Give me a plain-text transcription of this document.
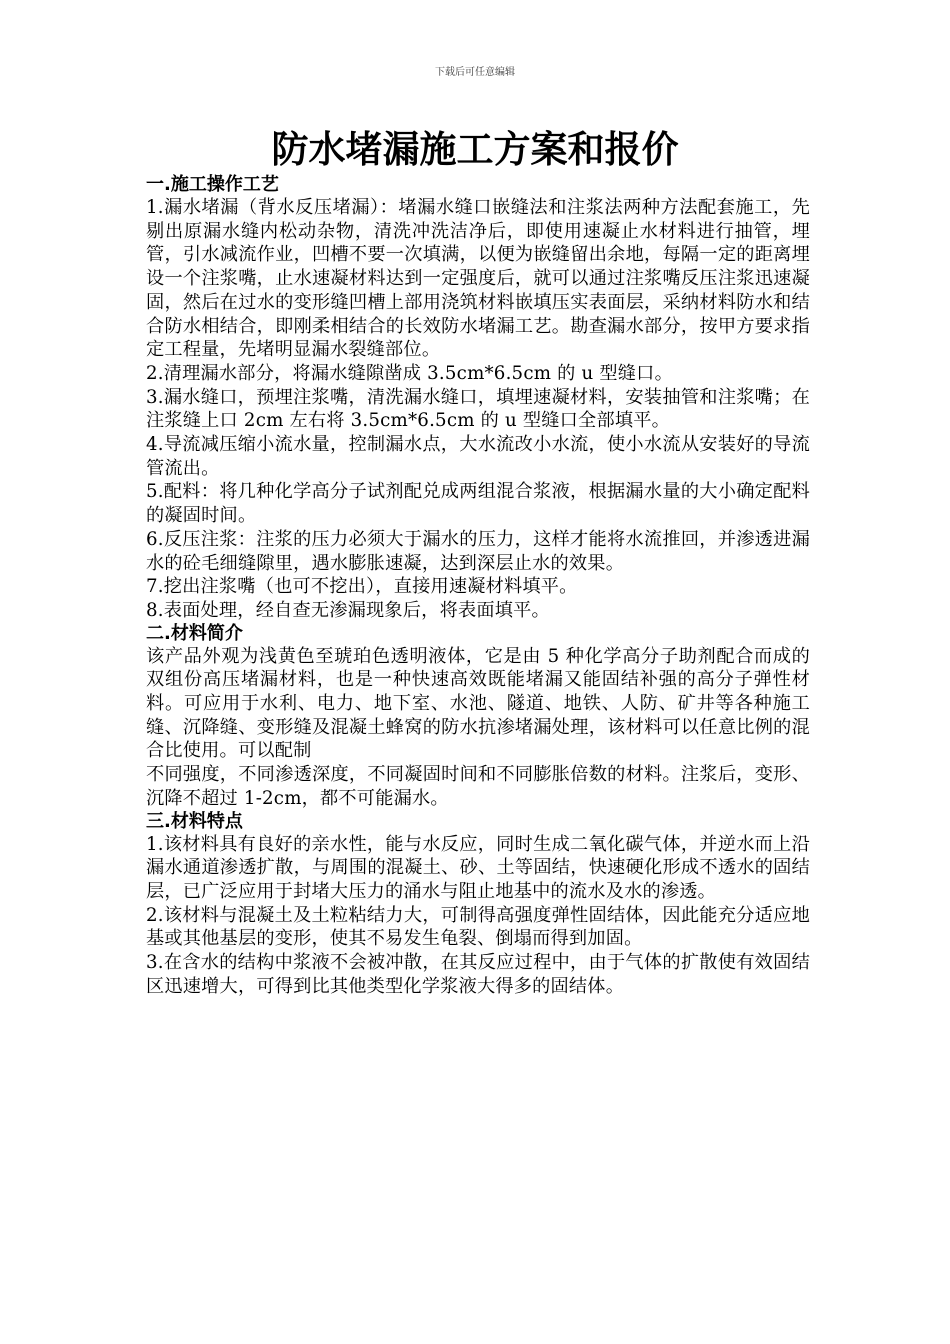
下载后可任意编辑
防水堵漏施工方案和报价
一.施工操作工艺

1.漏水堵漏（背水反压堵漏）：堵漏水缝口嵌缝法和注浆法两种方法配套施工，先剔出原漏水缝内松动杂物，清洗冲洗洁净后，即使用速凝止水材料进行抽管，埋管，引水减流作业，凹槽不要一次填满，以便为嵌缝留出余地，每隔一定的距离埋设一个注浆嘴，止水速凝材料达到一定强度后，就可以通过注浆嘴反压注浆迅速凝固，然后在过水的变形缝凹槽上部用浇筑材料嵌填压实表面层，采纳材料防水和结合防水相结合，即刚柔相结合的长效防水堵漏工艺。勘查漏水部分，按甲方要求指定工程量，先堵明显漏水裂缝部位。

2.清理漏水部分，将漏水缝隙凿成 3.5cm*6.5cm 的 u 型缝口。

3.漏水缝口，预埋注浆嘴，清洗漏水缝口，填埋速凝材料，安装抽管和注浆嘴；在注浆缝上口 2cm 左右将 3.5cm*6.5cm 的 u 型缝口全部填平。

4.导流减压缩小流水量，控制漏水点，大水流改小水流，使小水流从安装好的导流管流出。

5.配料：将几种化学高分子试剂配兑成两组混合浆液，根据漏水量的大小确定配料的凝固时间。

6.反压注浆：注浆的压力必须大于漏水的压力，这样才能将水流推回，并渗透进漏水的砼毛细缝隙里，遇水膨胀速凝，达到深层止水的效果。

7.挖出注浆嘴（也可不挖出），直接用速凝材料填平。

8.表面处理，经自查无渗漏现象后，将表面填平。

二.材料简介

该产品外观为浅黄色至琥珀色透明液体，它是由 5 种化学高分子助剂配合而成的双组份高压堵漏材料，也是一种快速高效既能堵漏又能固结补强的高分子弹性材料。可应用于水利、电力、地下室、水池、隧道、地铁、人防、矿井等各种施工缝、沉降缝、变形缝及混凝土蜂窝的防水抗渗堵漏处理，该材料可以任意比例的混合比使用。可以配制

不同强度，不同渗透深度，不同凝固时间和不同膨胀倍数的材料。注浆后，变形、沉降不超过 1-2cm，都不可能漏水。

三.材料特点

1.该材料具有良好的亲水性，能与水反应，同时生成二氧化碳气体，并逆水而上沿漏水通道渗透扩散，与周围的混凝土、砂、土等固结，快速硬化形成不透水的固结层，已广泛应用于封堵大压力的涌水与阻止地基中的流水及水的渗透。

2.该材料与混凝土及土粒粘结力大，可制得高强度弹性固结体，因此能充分适应地基或其他基层的变形，使其不易发生龟裂、倒塌而得到加固。

3.在含水的结构中浆液不会被冲散，在其反应过程中，由于气体的扩散使有效固结区迅速增大，可得到比其他类型化学浆液大得多的固结体。
